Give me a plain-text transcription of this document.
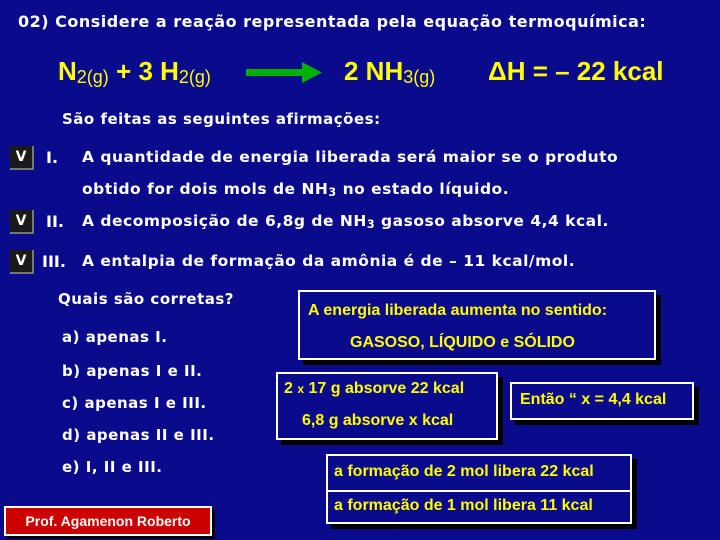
02) Considere a reação representada pela equação termoquímica:
$N_{2(g)} + 3$ $H_{2(g)}$	2 $NH_{3(g)}$ ΔH = – 22 kcal
São feitas as seguintes afirmações:
V	I. A quantidade de energia liberada será maior se o produto
obtido for dois mols de $NH_3$ no estado líquido.
V	II. A decomposição de 6,8g de $NH_3$ gasoso absorve 4,4 kcal.
V III. A entalpia de formação da amônia é de – 11 kcal/mol.
Quais são corretas?
a) apenas I.
b) apenas I e II.
c) apenas I e III.
d) apenas II e III.
e) I, II e III.
A energia liberada aumenta no sentido:
GASOSO, LÍQUIDO e SÓLIDO
2 x 17 g absorve 22 kcal
6,8 g absorve x kcal
Então “ x = 4,4 kcal
a formação de 2 mol libera 22 kcal
a formação de 1 mol libera 11 kcal
Prof. Agamenon Roberto
